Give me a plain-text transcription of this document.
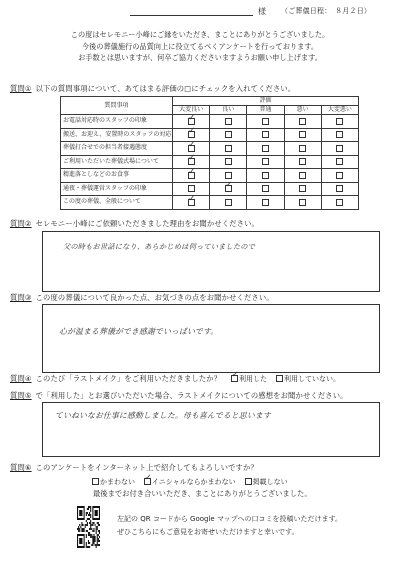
様 （ご葬儀日程：　８月２日）
この度はセレモニー小峰にご縁をいただき、まことにありがとうございました。
今後の葬儀施行の品質向上に役立てるべくアンケートを行っております。
お手数とは思いますが、何卒ご協力くださいますようお願い申し上げます。
質問① 以下の質問事項について、あてはまる評価の□にチェックを入れてください。
質問事項	評価				
	大変良い	良い	普通	悪い	大変悪い
お電話対応時のスタッフの印象	✓				

搬送、お迎え、安置時のスタッフの対応	✓				

葬儀打合せでの担当者接遇態度	✓				

ご利用いただいた葬儀式場について	✓				

精進落としなどのお食事	✓				

通夜・葬儀運営スタッフの印象		✓			

この度の葬儀、全般について	✓				

質問② セレモニー小峰にご依頼いただきました理由をお聞かせください。
父の時もお世話になり、あらかじめは伺っていましたので
質問③ この度の葬儀について良かった点、お気づきの点をお聞かせください。
心が温まる葬儀ができ感謝でいっぱいです。
質問④ このたび「ラストメイク」をご利用いただきましたか？ ✓ 利用した 利用していない。
質問⑤ で「利用した」とお選びいただいた場合、ラストメイクについての感想をお聞かせください。
ていねいなお仕事に感動しました。母も喜んでると思います
質問⑥ このアンケートをインターネット上で紹介してもよろしいですか？
かまわない ✓ イニシャルならかまわない 掲載しない
最後までお付き合いいただき、まことにありがとうございました。
左記の QR コードから Google マップへの口コミを投稿いただけます。
ぜひこちらにもご意見をお寄せいただけますと幸いです。
